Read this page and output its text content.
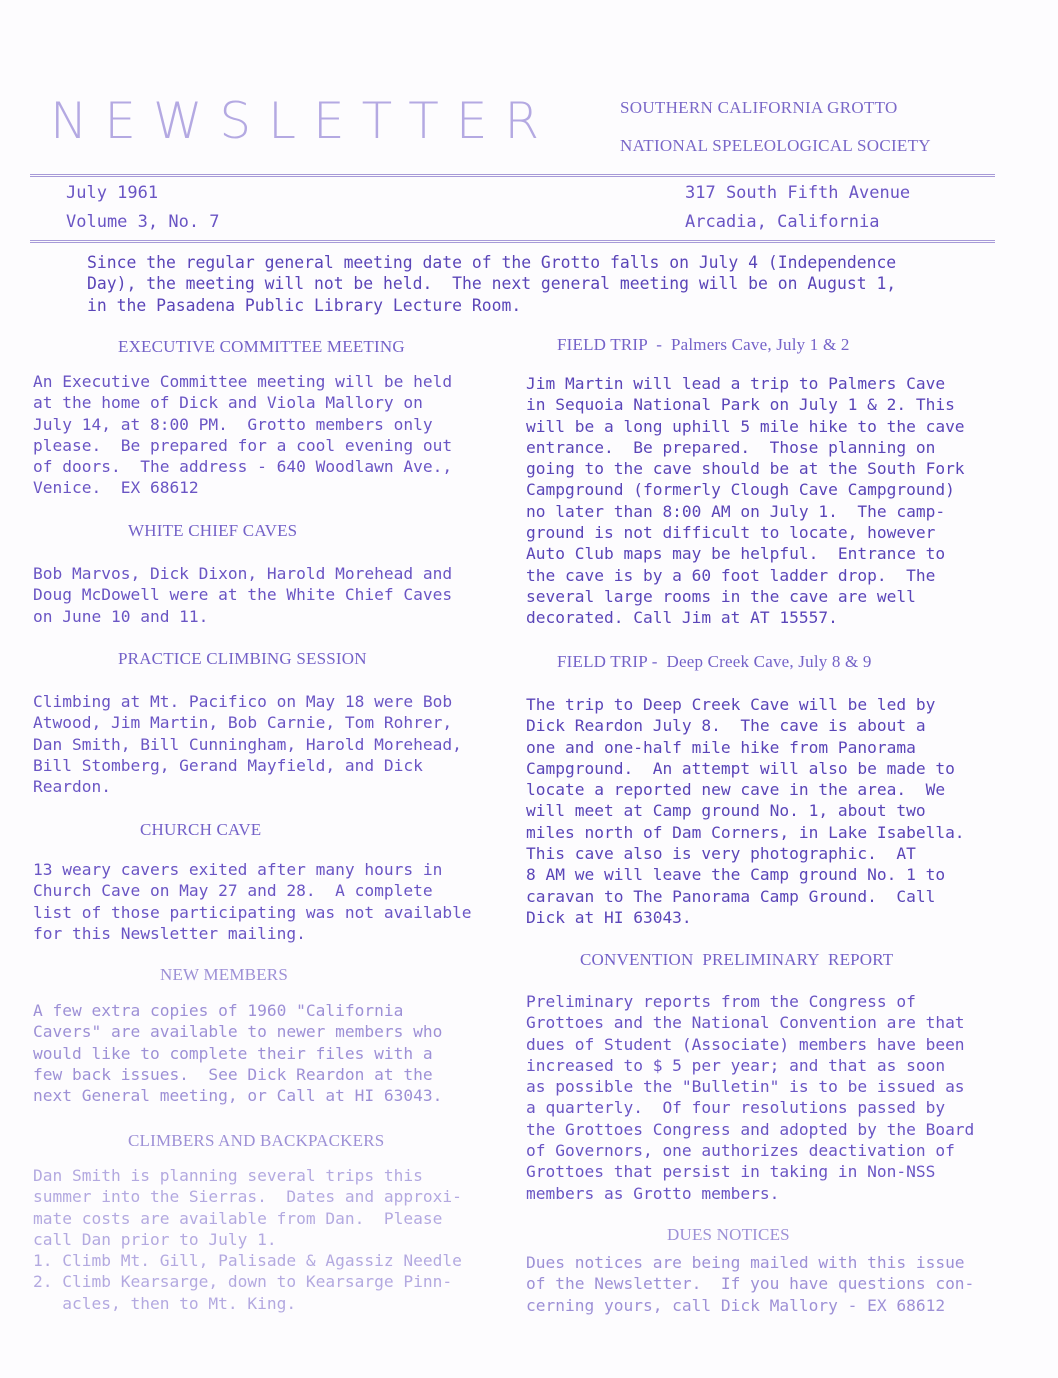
NEWSLETTER	SOUTHERN CALIFORNIA GROTTO
NATIONAL SPELEOLOGICAL SOCIETY
July 1961
Volume 3, No. 7
317 South Fifth Avenue
Arcadia, California
Since the regular general meeting date of the Grotto falls on July 4 (Independence
Day), the meeting will not be held.  The next general meeting will be on August 1,
in the Pasadena Public Library Lecture Room.
EXECUTIVE COMMITTEE MEETING
An Executive Committee meeting will be held
at the home of Dick and Viola Mallory on
July 14, at 8:00 PM.  Grotto members only
please.  Be prepared for a cool evening out
of doors.  The address - 640 Woodlawn Ave.,
Venice.  EX 68612
WHITE CHIEF CAVES
Bob Marvos, Dick Dixon, Harold Morehead and
Doug McDowell were at the White Chief Caves
on June 10 and 11.
PRACTICE CLIMBING SESSION
Climbing at Mt. Pacifico on May 18 were Bob
Atwood, Jim Martin, Bob Carnie, Tom Rohrer,
Dan Smith, Bill Cunningham, Harold Morehead,
Bill Stomberg, Gerand Mayfield, and Dick
Reardon.
CHURCH CAVE
13 weary cavers exited after many hours in
Church Cave on May 27 and 28.  A complete
list of those participating was not available
for this Newsletter mailing.
NEW MEMBERS
A few extra copies of 1960 "California
Cavers" are available to newer members who
would like to complete their files with a
few back issues.  See Dick Reardon at the
next General meeting, or Call at HI 63043.
CLIMBERS AND BACKPACKERS
Dan Smith is planning several trips this
summer into the Sierras.  Dates and approxi-
mate costs are available from Dan.  Please
call Dan prior to July 1.
1. Climb Mt. Gill, Palisade & Agassiz Needle
2. Climb Kearsarge, down to Kearsarge Pinn-
acles, then to Mt. King.
FIELD TRIP  -  Palmers Cave, July 1 & 2
Jim Martin will lead a trip to Palmers Cave
in Sequoia National Park on July 1 & 2. This
will be a long uphill 5 mile hike to the cave
entrance.  Be prepared.  Those planning on
going to the cave should be at the South Fork
Campground (formerly Clough Cave Campground)
no later than 8:00 AM on July 1.  The camp-
ground is not difficult to locate, however
Auto Club maps may be helpful.  Entrance to
the cave is by a 60 foot ladder drop.  The
several large rooms in the cave are well
decorated. Call Jim at AT 15557.
FIELD TRIP -  Deep Creek Cave, July 8 & 9
The trip to Deep Creek Cave will be led by
Dick Reardon July 8.  The cave is about a
one and one-half mile hike from Panorama
Campground.  An attempt will also be made to
locate a reported new cave in the area.  We
will meet at Camp ground No. 1, about two
miles north of Dam Corners, in Lake Isabella.
This cave also is very photographic.  AT
8 AM we will leave the Camp ground No. 1 to
caravan to The Panorama Camp Ground.  Call
Dick at HI 63043.
CONVENTION  PRELIMINARY  REPORT
Preliminary reports from the Congress of
Grottoes and the National Convention are that
dues of Student (Associate) members have been
increased to $ 5 per year; and that as soon
as possible the "Bulletin" is to be issued as
a quarterly.  Of four resolutions passed by
the Grottoes Congress and adopted by the Board
of Governors, one authorizes deactivation of
Grottoes that persist in taking in Non-NSS
members as Grotto members.
DUES NOTICES
Dues notices are being mailed with this issue
of the Newsletter.  If you have questions con-
cerning yours, call Dick Mallory - EX 68612
